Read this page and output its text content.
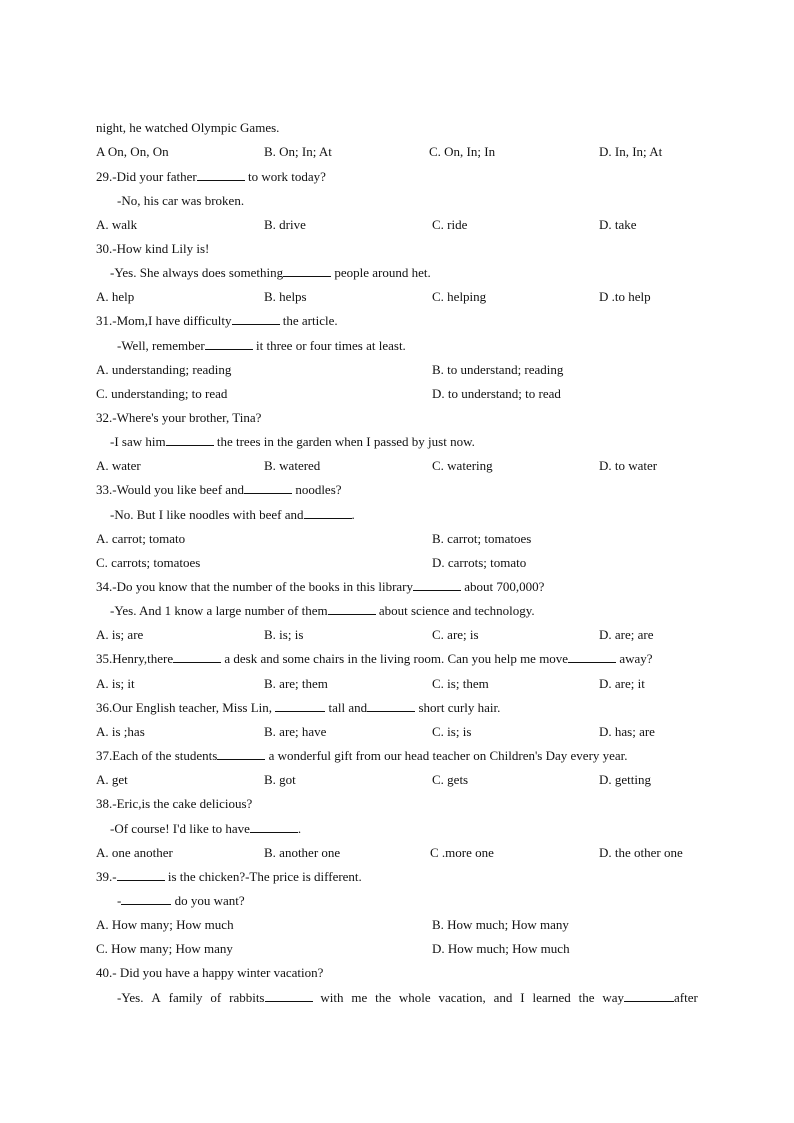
night, he watched Olympic Games.
A On, On, On	B. On; In; At	C. On, In; In	D. In, In; At
29.-Did your father	to work today?
-No, his car was broken.
A. walk	B. drive	C. ride	D. take
30.-How kind Lily is!
-Yes. She always does something	people around het.
A. help	B. helps	C. helping	D .to help
31.-Mom,I have difficulty	the article.
-Well, remember	it three or four times at least.
A. understanding; reading	B. to understand; reading
C. understanding; to read	D. to understand; to read
32.-Where's your brother, Tina?
-I saw him	the trees in the garden when I passed by just now.
A. water	B. watered	C. watering	D. to water
33.-Would you like beef and	noodles?
-No. But I like noodles with beef and	.
A. carrot; tomato	B. carrot; tomatoes
C. carrots; tomatoes	D. carrots; tomato
34.-Do you know that the number of the books in this library	about 700,000?
-Yes. And 1 know a large number of them	about science and technology.
A. is; are	B. is; is	C. are; is	D. are; are
35.Henry,there	a desk and some chairs in the living room. Can you help me move	away?
A. is; it	B. are; them	C. is; them	D. are; it
36.Our English teacher, Miss Lin,	tall and	short curly hair.
A. is ;has	B. are; have	C. is; is	D. has; are
37.Each of the students	a wonderful gift from our head teacher on Children's Day every year.
A. get	B. got	C. gets	D. getting
38.-Eric,is the cake delicious?
-Of course! I'd like to have	.
A. one another	B. another one	C .more one	D. the other one
39.-	is the chicken?-The price is different.
-	do you want?
A. How many; How much	B. How much; How many
C. How many; How many	D. How much; How much
40.- Did you have a happy winter vacation?
-Yes. A family of rabbits	with me the whole vacation, and I learned the way	after
